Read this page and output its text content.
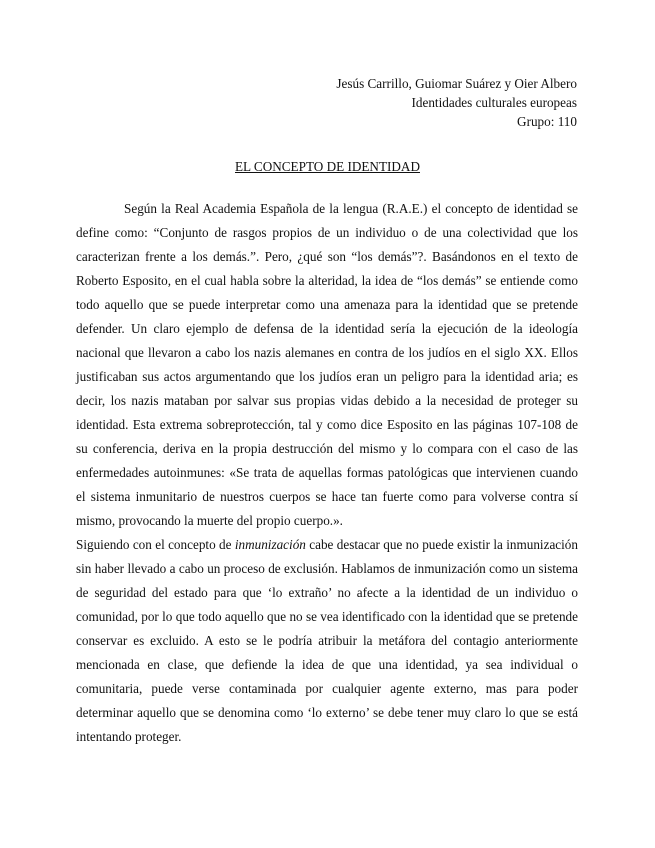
Jesús Carrillo, Guiomar Suárez y Oier Albero
Identidades culturales europeas
Grupo: 110
EL CONCEPTO DE IDENTIDAD

Según la Real Academia Española de la lengua (R.A.E.) el concepto de identidad se define como: “Conjunto de rasgos propios de un individuo o de una colectividad que los caracterizan frente a los demás.”. Pero, ¿qué son “los demás”?. Basándonos en el texto de Roberto Esposito, en el cual habla sobre la alteridad, la idea de “los demás” se entiende como todo aquello que se puede interpretar como una amenaza para la identidad que se pretende defender. Un claro ejemplo de defensa de la identidad sería la ejecución de la ideología nacional que llevaron a cabo los nazis alemanes en contra de los judíos en el siglo XX. Ellos justificaban sus actos argumentando que los judíos eran un peligro para la identidad aria; es decir, los nazis mataban por salvar sus propias vidas debido a la necesidad de proteger su identidad. Esta extrema sobreprotección, tal y como dice Esposito en las páginas 107-108 de su conferencia, deriva en la propia destrucción del mismo y lo compara con el caso de las enfermedades autoinmunes: «Se trata de aquellas formas patológicas que intervienen cuando el sistema inmunitario de nuestros cuerpos se hace tan fuerte como para volverse contra sí mismo, provocando la muerte del propio cuerpo.».

Siguiendo con el concepto de inmunización cabe destacar que no puede existir la inmunización sin haber llevado a cabo un proceso de exclusión. Hablamos de inmunización como un sistema de seguridad del estado para que ‘lo extraño’ no afecte a la identidad de un individuo o comunidad, por lo que todo aquello que no se vea identificado con la identidad que se pretende conservar es excluido. A esto se le podría atribuir la metáfora del contagio anteriormente mencionada en clase, que defiende la idea de que una identidad, ya sea individual o comunitaria, puede verse contaminada por cualquier agente externo, mas para poder determinar aquello que se denomina como ‘lo externo’ se debe tener muy claro lo que se está intentando proteger.
